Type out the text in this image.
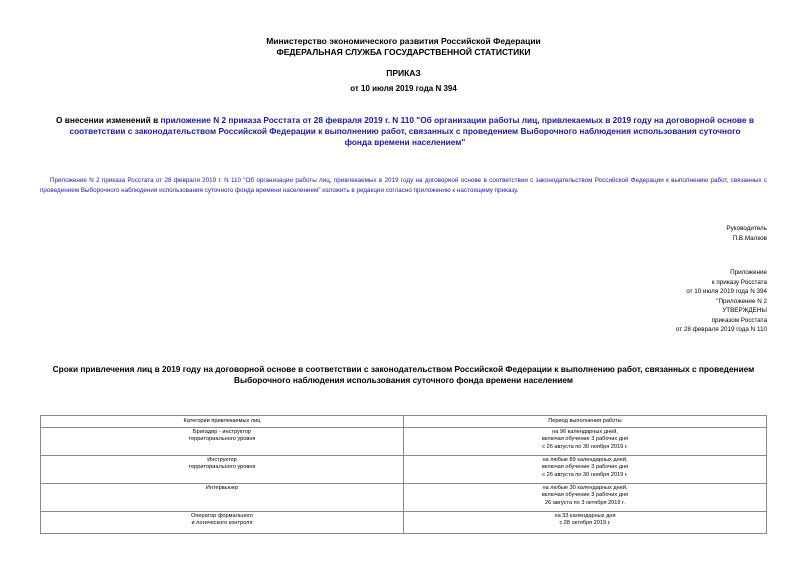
Министерство экономического развития Российской Федерации
ФЕДЕРАЛЬНАЯ СЛУЖБА ГОСУДАРСТВЕННОЙ СТАТИСТИКИ
ПРИКАЗ
от 10 июля 2019 года N 394
О внесении изменений в приложение N 2 приказа Росстата от 28 февраля 2019 г. N 110 "Об организации работы лиц, привлекаемых в 2019 году на договорной основе в соответствии с законодательством Российской Федерации к выполнению работ, связанных с проведением Выборочного наблюдения использования суточного фонда времени населением"
Приложение N 2 приказа Росстата от 28 февраля 2019 г. N 110 "Об организации работы лиц, привлекаемых в 2019 году на договорной основе в соответствии с законодательством Российской Федерации к выполнению работ, связанных с проведением Выборочного наблюдения использования суточного фонда времени населением" изложить в редакции согласно приложению к настоящему приказу.
Руководитель
П.В.Малков
Приложение
к приказу Росстата
от 10 июля 2019 года N 394
"Приложение N 2
УТВЕРЖДЕНЫ
приказом Росстата
от 28 февраля 2019 года N 110
Сроки привлечения лиц в 2019 году на договорной основе в соответствии с законодательством Российской Федерации к выполнению работ, связанных с проведением Выборочного наблюдения использования суточного фонда времени населением
Категории привлекаемых лиц	Период выполнения работы

Бригадир - инструктор
территориального уровня	на 96 календарных дней,
включая обучение 3 рабочих дня
с 26 августа по 30 ноября 2019 г.

Инструктор
территориального уровня	на любые 89 календарных дней,
включая обучение 3 рабочих дня
с 26 августа по 30 ноября 2019 г.

Интервьюер	на любые 30 календарных дней,
включая обучение 3 рабочих дня
26 августа по 3 октября 2019 г.

Оператор формального
и логического контроля	на 33 календарных дня
с 28 октября 2019 г.
